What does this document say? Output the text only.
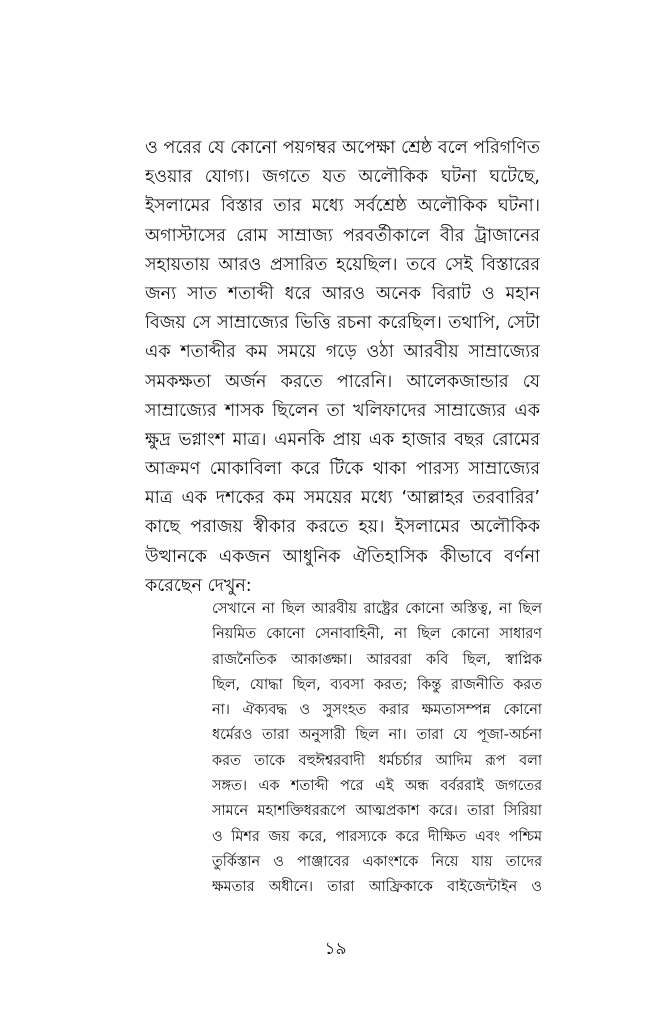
ও পরের যে কোনো পয়গম্বর অপেক্ষা শ্রেষ্ঠ বলে পরিগণিত
হওয়ার যোগ্য। জগতে যত অলৌকিক ঘটনা ঘটেছে,
ইসলামের বিস্তার তার মধ্যে সর্বশ্রেষ্ঠ অলৌকিক ঘটনা।
অগাস্টাসের রোম সাম্রাজ্য পরবর্তীকালে বীর ট্রাজানের
সহায়তায় আরও প্রসারিত হয়েছিল। তবে সেই বিস্তারের
জন্য সাত শতাব্দী ধরে আরও অনেক বিরাট ও মহান
বিজয় সে সাম্রাজ্যের ভিত্তি রচনা করেছিল। তথাপি, সেটা
এক শতাব্দীর কম সময়ে গড়ে ওঠা আরবীয় সাম্রাজ্যের
সমকক্ষতা অর্জন করতে পারেনি। আলেকজান্ডার যে
সাম্রাজ্যের শাসক ছিলেন তা খলিফাদের সাম্রাজ্যের এক
ক্ষুদ্র ভগ্নাংশ মাত্র। এমনকি প্রায় এক হাজার বছর রোমের
আক্রমণ মোকাবিলা করে টিকে থাকা পারস্য সাম্রাজ্যের
মাত্র এক দশকের কম সময়ের মধ্যে ‘আল্লাহর তরবারির’
কাছে পরাজয় স্বীকার করতে হয়। ইসলামের অলৌকিক
উত্থানকে একজন আধুনিক ঐতিহাসিক কীভাবে বর্ণনা
করেছেন দেখুন:
সেখানে না ছিল আরবীয় রাষ্ট্রের কোনো অস্তিত্ব, না ছিল
নিয়মিত কোনো সেনাবাহিনী, না ছিল কোনো সাধারণ
রাজনৈতিক আকাঙ্ক্ষা। আরবরা কবি ছিল, স্বাপ্নিক
ছিল, যোদ্ধা ছিল, ব্যবসা করত; কিন্তু রাজনীতি করত
না। ঐক্যবদ্ধ ও সুসংহত করার ক্ষমতাসম্পন্ন কোনো
ধর্মেরও তারা অনুসারী ছিল না। তারা যে পূজা-অর্চনা
করত তাকে বহুঈশ্বরবাদী ধর্মচর্চার আদিম রূপ বলা
সঙ্গত। এক শতাব্দী পরে এই অন্ধ বর্বররাই জগতের
সামনে মহাশক্তিধররূপে আত্মপ্রকাশ করে। তারা সিরিয়া
ও মিশর জয় করে, পারস্যকে করে দীক্ষিত এবং পশ্চিম
তুর্কিস্তান ও পাঞ্জাবের একাংশকে নিয়ে যায় তাদের
ক্ষমতার অধীনে। তারা আফ্রিকাকে বাইজেন্টাইন ও
১৯
